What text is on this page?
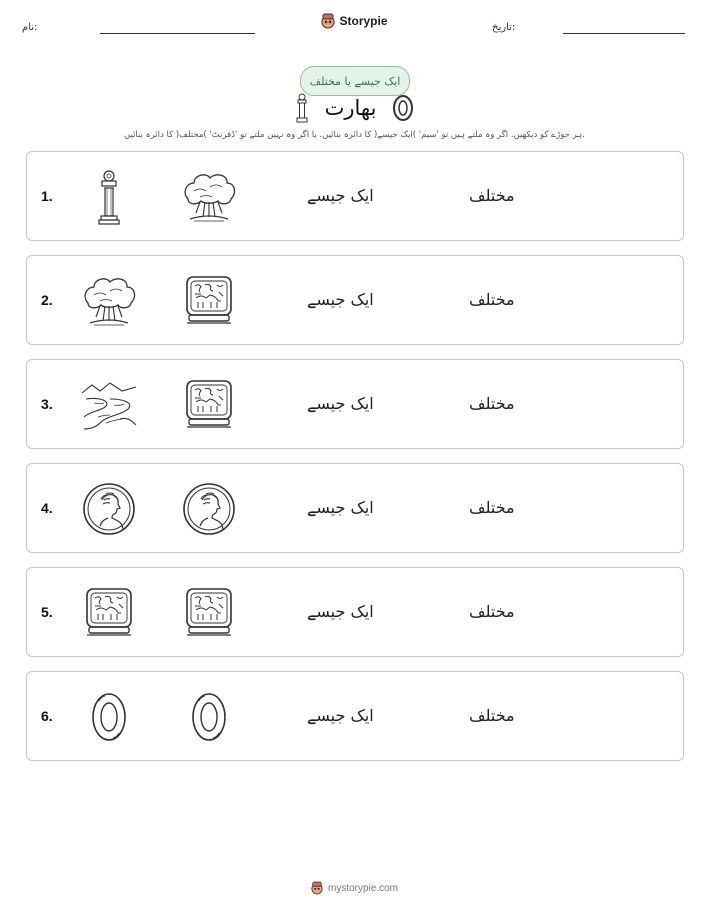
نام:	Storypie	تاریخ:
ایک جیسے یا مختلف
بھارت
ہر جوڑے کو دیکھیں. اگر وہ ملتے ہیں تو 'سیم' )ایک جیسے( کا دائرہ بنائیں. یا اگر وہ نہیں ملتے تو 'ڈفرنٹ' )مختلف( کا دائرہ بنائیں.
1.	ایک جیسے	مختلف
2.	ایک جیسے	مختلف
3.	ایک جیسے	مختلف
4.	ایک جیسے	مختلف
5.	ایک جیسے	مختلف
6.	ایک جیسے	مختلف
mystorypie.com
